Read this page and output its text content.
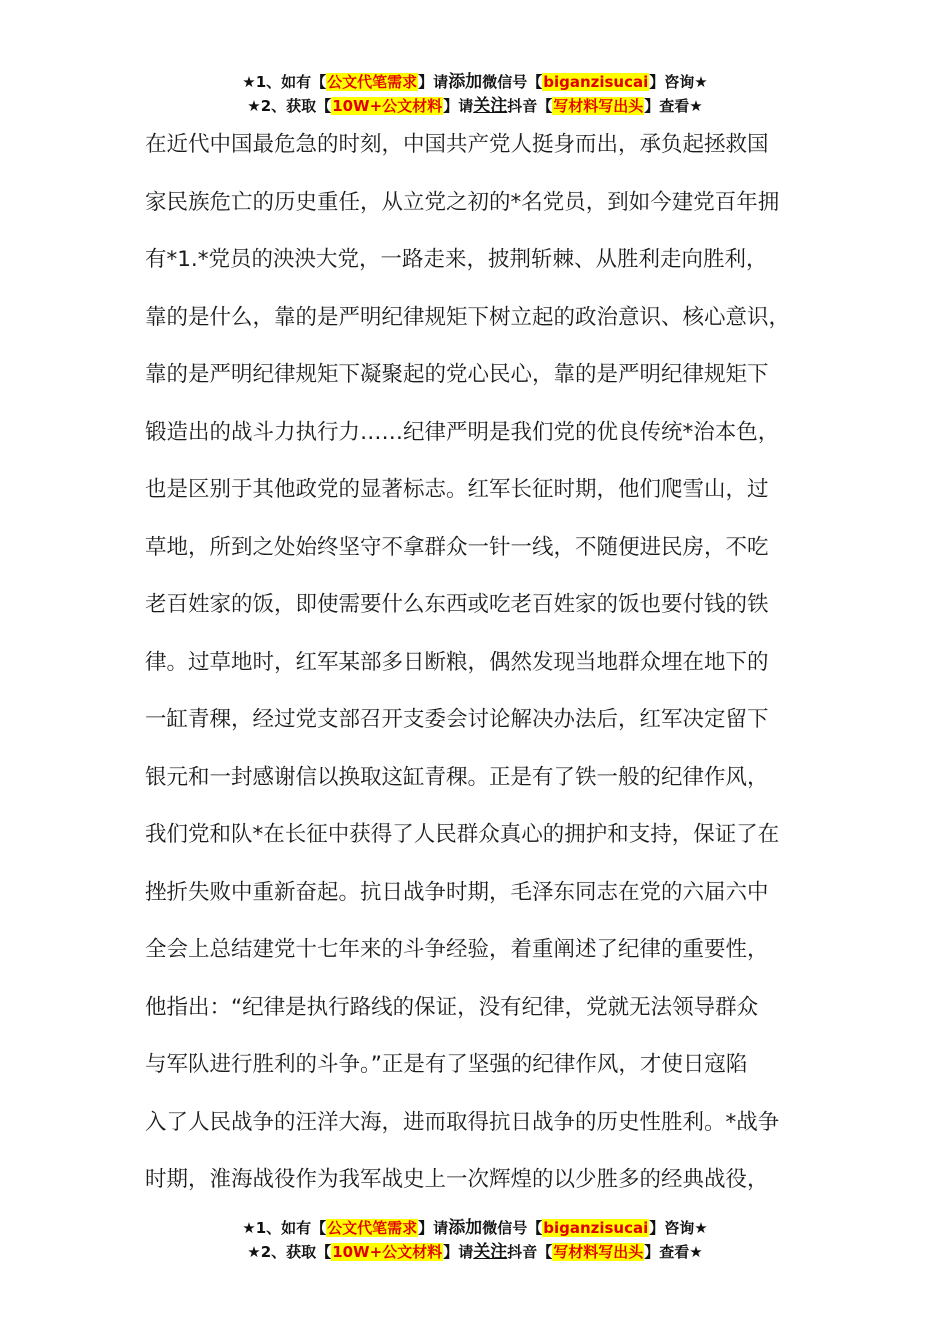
★1、如有【公文代笔需求】请添加微信号【biganzisucai】咨询★
★2、获取【10W+公文材料】请关注抖音【写材料写出头】查看★
在近代中国最危急的时刻，中国共产党人挺身而出，承负起拯救国
家民族危亡的历史重任，从立党之初的*名党员，到如今建党百年拥
有*1.*党员的泱泱大党，一路走来，披荆斩棘、从胜利走向胜利，
靠的是什么，靠的是严明纪律规矩下树立起的政治意识、核心意识，
靠的是严明纪律规矩下凝聚起的党心民心，靠的是严明纪律规矩下
锻造出的战斗力执行力……纪律严明是我们党的优良传统*治本色，
也是区别于其他政党的显著标志。红军长征时期，他们爬雪山，过
草地，所到之处始终坚守不拿群众一针一线，不随便进民房，不吃
老百姓家的饭，即使需要什么东西或吃老百姓家的饭也要付钱的铁
律。过草地时，红军某部多日断粮，偶然发现当地群众埋在地下的
一缸青稞，经过党支部召开支委会讨论解决办法后，红军决定留下
银元和一封感谢信以换取这缸青稞。正是有了铁一般的纪律作风，
我们党和队*在长征中获得了人民群众真心的拥护和支持，保证了在
挫折失败中重新奋起。抗日战争时期，毛泽东同志在党的六届六中
全会上总结建党十七年来的斗争经验，着重阐述了纪律的重要性，
他指出：“纪律是执行路线的保证，没有纪律，党就无法领导群众
与军队进行胜利的斗争。”正是有了坚强的纪律作风，才使日寇陷
入了人民战争的汪洋大海，进而取得抗日战争的历史性胜利。*战争
时期，淮海战役作为我军战史上一次辉煌的以少胜多的经典战役，
★1、如有【公文代笔需求】请添加微信号【biganzisucai】咨询★
★2、获取【10W+公文材料】请关注抖音【写材料写出头】查看★
